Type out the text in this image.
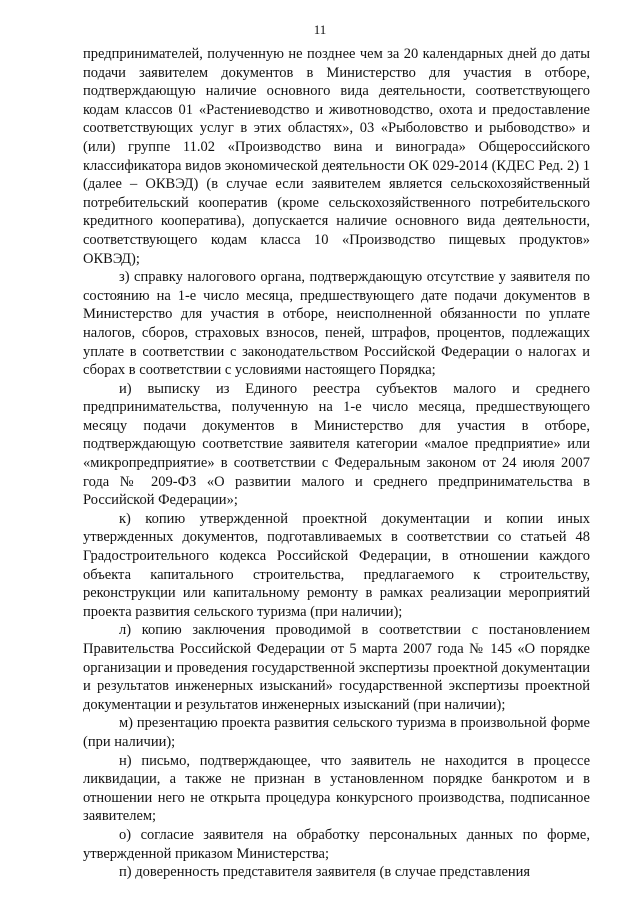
11

предпринимателей, полученную не позднее чем за 20 календарных дней до даты подачи заявителем документов в Министерство для участия в отборе, подтверждающую наличие основного вида деятельности, соответствующего кодам классов 01 «Растениеводство и животноводство, охота и предоставление соответствующих услуг в этих областях», 03 «Рыболовство и рыбоводство» и (или) группе 11.02 «Производство вина и винограда» Общероссийского классификатора видов экономической деятельности ОК 029-2014 (КДЕС Ред. 2) 1 (далее – ОКВЭД) (в случае если заявителем является сельскохозяйственный потребительский кооператив (кроме сельскохозяйственного потребительского кредитного кооператива), допускается наличие основного вида деятельности, соответствующего кодам класса 10 «Производство пищевых продуктов» ОКВЭД);

з) справку налогового органа, подтверждающую отсутствие у заявителя по состоянию на 1-е число месяца, предшествующего дате подачи документов в Министерство для участия в отборе, неисполненной обязанности по уплате налогов, сборов, страховых взносов, пеней, штрафов, процентов, подлежащих уплате в соответствии с законодательством Российской Федерации о налогах и сборах в соответствии с условиями настоящего Порядка;

и) выписку из Единого реестра субъектов малого и среднего предпринимательства, полученную на 1-е число месяца, предшествующего месяцу подачи документов в Министерство для участия в отборе, подтверждающую соответствие заявителя категории «малое предприятие» или «микропредприятие» в соответствии с Федеральным законом от 24 июля 2007 года № 209-ФЗ «О развитии малого и среднего предпринимательства в Российской Федерации»;

к) копию утвержденной проектной документации и копии иных утвержденных документов, подготавливаемых в соответствии со статьей 48 Градостроительного кодекса Российской Федерации, в отношении каждого объекта капитального строительства, предлагаемого к строительству, реконструкции или капитальному ремонту в рамках реализации мероприятий проекта развития сельского туризма (при наличии);

л) копию заключения проводимой в соответствии с постановлением Правительства Российской Федерации от 5 марта 2007 года № 145 «О порядке организации и проведения государственной экспертизы проектной документации и результатов инженерных изысканий» государственной экспертизы проектной документации и результатов инженерных изысканий (при наличии);

м) презентацию проекта развития сельского туризма в произвольной форме (при наличии);

н) письмо, подтверждающее, что заявитель не находится в процессе ликвидации, а также не признан в установленном порядке банкротом и в отношении него не открыта процедура конкурсного производства, подписанное заявителем;

о) согласие заявителя на обработку персональных данных по форме, утвержденной приказом Министерства;

п) доверенность представителя заявителя (в случае представления
